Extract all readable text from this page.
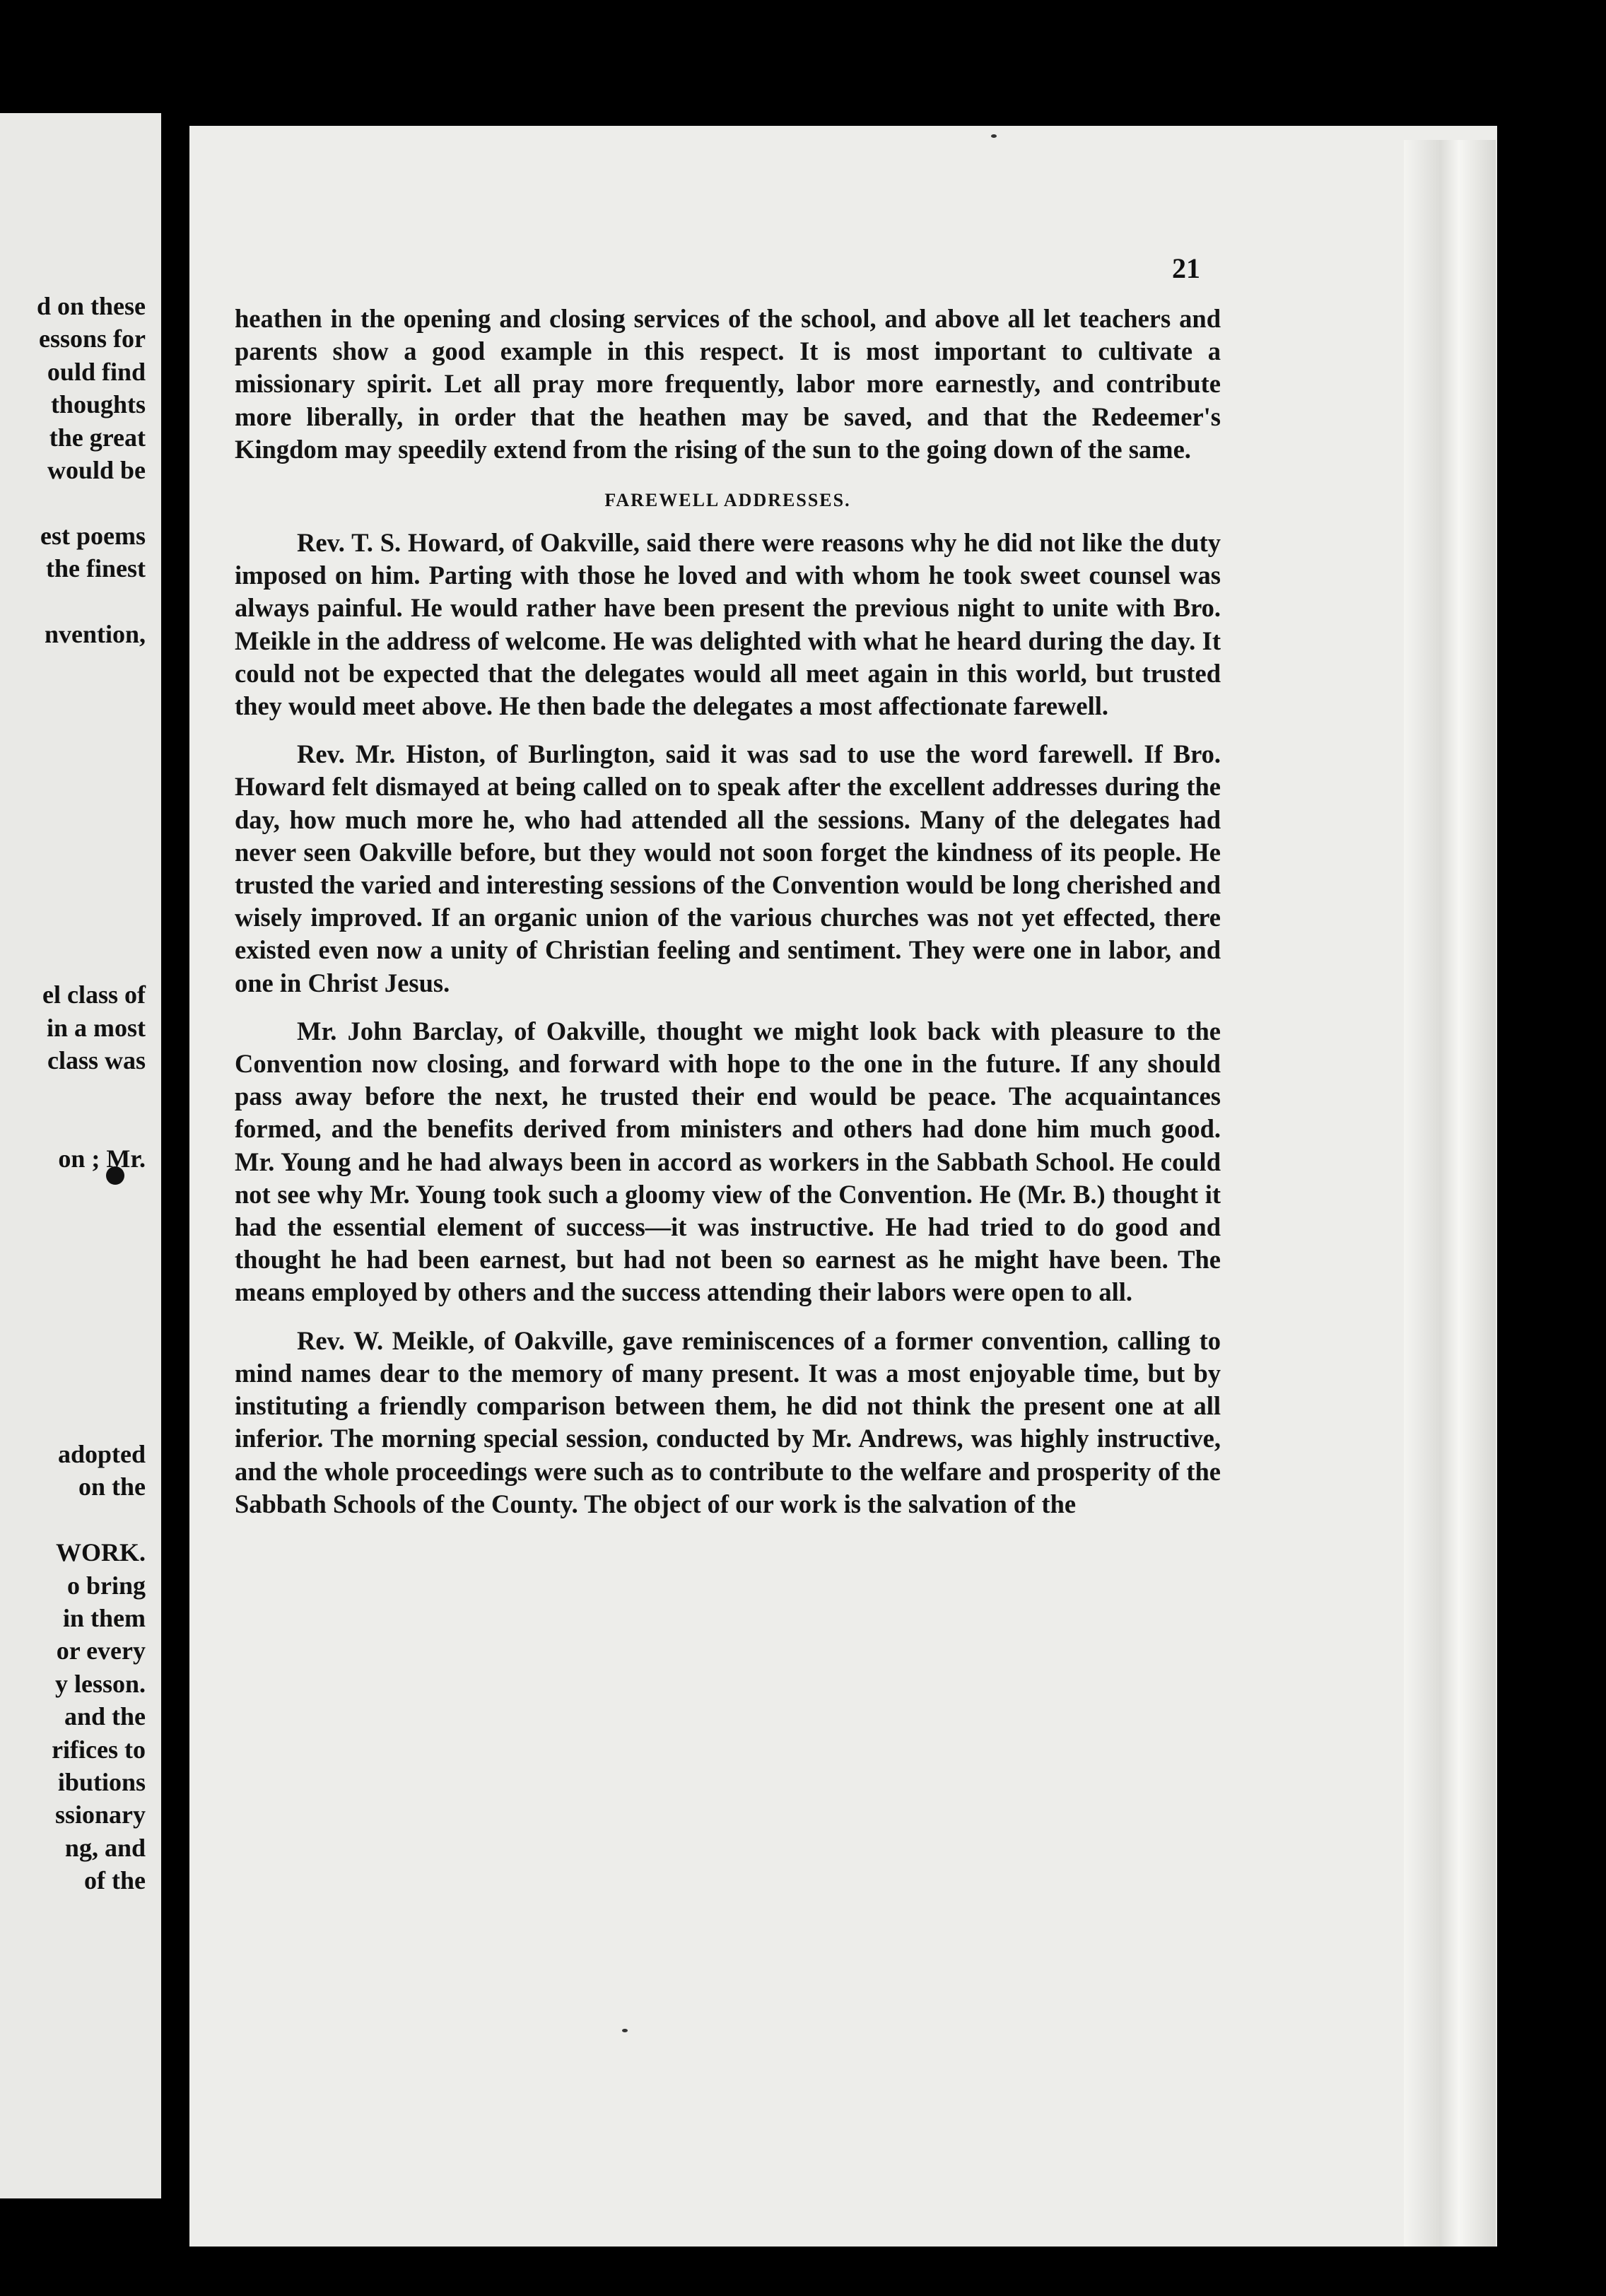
d on these
essons for
ould find
thoughts
the great
would be
est poems
the finest
nvention,
el class of
in a most
class was
on ; Mr.
adopted
on the
WORK.
o bring
in them
or every
y lesson.
and the
rifices to
ibutions
ssionary
ng, and
of the
21

heathen in the opening and closing services of the school, and above all let teachers and parents show a good example in this respect. It is most important to cultivate a missionary spirit. Let all pray more frequently, labor more earnestly, and contribute more liberally, in order that the heathen may be saved, and that the Redeemer's Kingdom may speedily extend from the rising of the sun to the going down of the same.

FAREWELL ADDRESSES.

Rev. T. S. Howard, of Oakville, said there were reasons why he did not like the duty imposed on him. Parting with those he loved and with whom he took sweet counsel was always painful. He would rather have been present the previous night to unite with Bro. Meikle in the address of welcome. He was delighted with what he heard during the day. It could not be expected that the delegates would all meet again in this world, but trusted they would meet above. He then bade the delegates a most affectionate farewell.

Rev. Mr. Histon, of Burlington, said it was sad to use the word farewell. If Bro. Howard felt dismayed at being called on to speak after the excellent addresses during the day, how much more he, who had attended all the sessions. Many of the delegates had never seen Oakville before, but they would not soon forget the kindness of its people. He trusted the varied and interesting sessions of the Convention would be long cherished and wisely improved. If an organic union of the various churches was not yet effected, there existed even now a unity of Christian feeling and sentiment. They were one in labor, and one in Christ Jesus.

Mr. John Barclay, of Oakville, thought we might look back with pleasure to the Convention now closing, and forward with hope to the one in the future. If any should pass away before the next, he trusted their end would be peace. The acquaintances formed, and the benefits derived from ministers and others had done him much good. Mr. Young and he had always been in accord as workers in the Sabbath School. He could not see why Mr. Young took such a gloomy view of the Convention. He (Mr. B.) thought it had the essential element of success—it was instructive. He had tried to do good and thought he had been earnest, but had not been so earnest as he might have been. The means employed by others and the success attending their labors were open to all.

Rev. W. Meikle, of Oakville, gave reminiscences of a former convention, calling to mind names dear to the memory of many present. It was a most enjoyable time, but by instituting a friendly comparison between them, he did not think the present one at all inferior. The morning special session, conducted by Mr. Andrews, was highly instructive, and the whole proceedings were such as to contribute to the welfare and prosperity of the Sabbath Schools of the County. The object of our work is the salvation of the
